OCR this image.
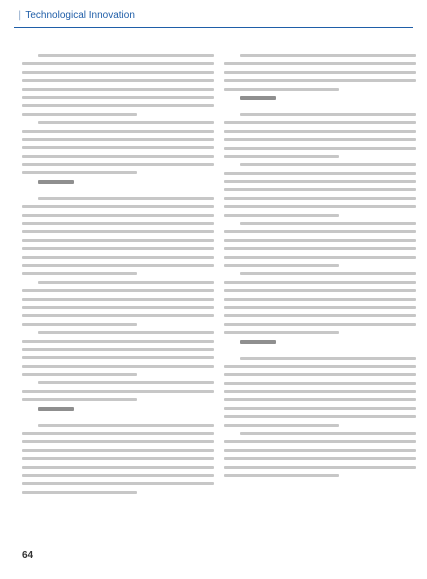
| Technological Innovation
64
